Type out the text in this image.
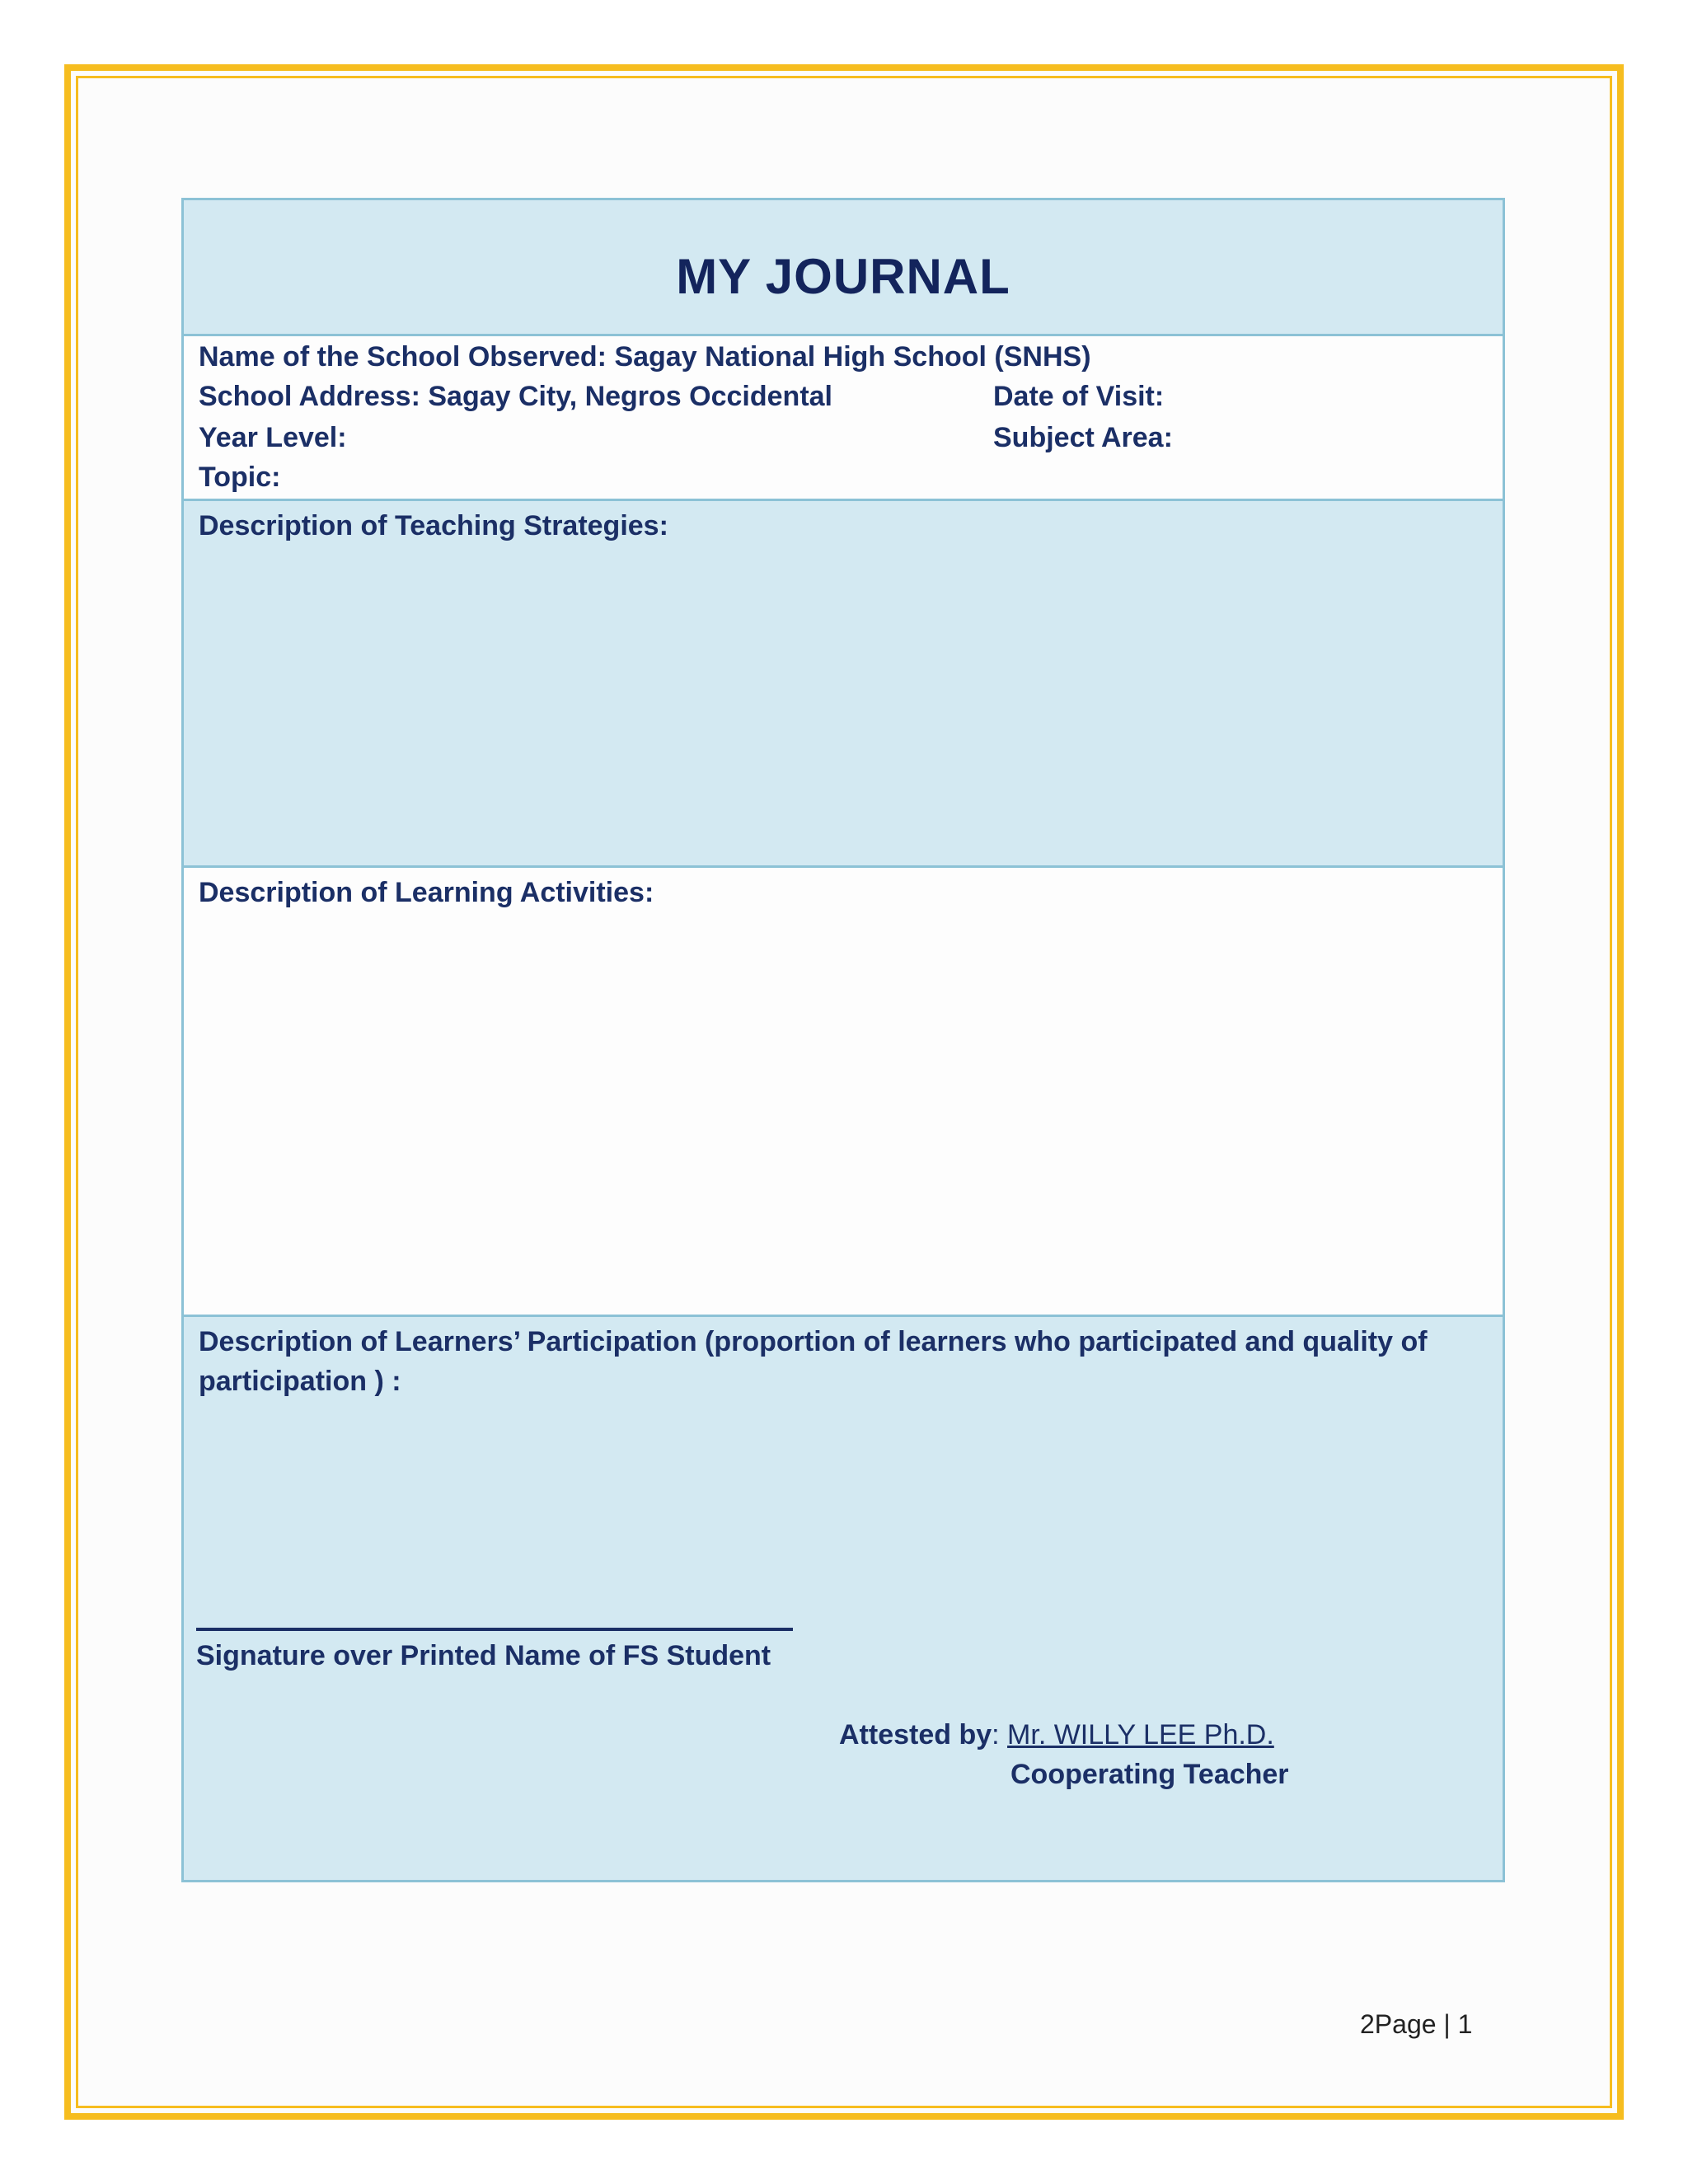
MY JOURNAL
Name of the School Observed: Sagay National High School (SNHS)
School Address: Sagay City, Negros Occidental	Date of Visit:
Year Level:	Subject Area:
Topic:
Description of Teaching Strategies:
Description of Learning Activities:
Description of Learners’ Participation (proportion of learners who participated and quality of participation ) :
Signature over Printed Name of FS Student
Attested by: Mr. WILLY LEE Ph.D.
Cooperating Teacher
2Page | 1
